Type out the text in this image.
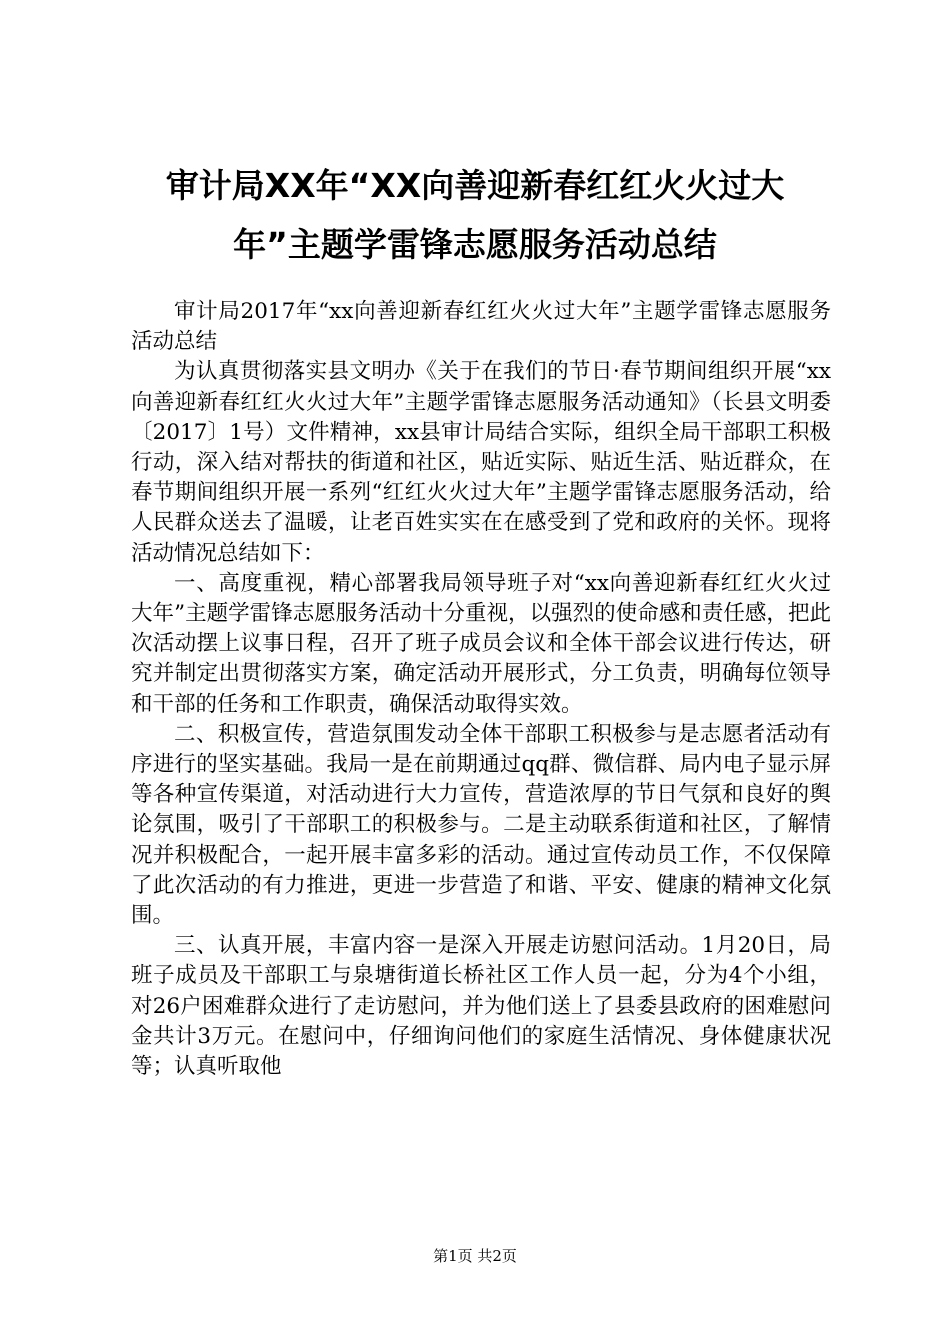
审计局XX年“XX向善迎新春红红火火过大
年”主题学雷锋志愿服务活动总结

审计局2017年“xx向善迎新春红红火火过大年”主题学雷锋志愿服务活动总结

为认真贯彻落实县文明办《关于在我们的节日·春节期间组织开展“xx向善迎新春红红火火过大年”主题学雷锋志愿服务活动通知》（长县文明委〔2017〕1号）文件精神，xx县审计局结合实际，组织全局干部职工积极行动，深入结对帮扶的街道和社区，贴近实际、贴近生活、贴近群众，在春节期间组织开展一系列“红红火火过大年”主题学雷锋志愿服务活动，给人民群众送去了温暖，让老百姓实实在在感受到了党和政府的关怀。现将活动情况总结如下：

一、高度重视，精心部署我局领导班子对“xx向善迎新春红红火火过大年”主题学雷锋志愿服务活动十分重视，以强烈的使命感和责任感，把此次活动摆上议事日程，召开了班子成员会议和全体干部会议进行传达，研究并制定出贯彻落实方案，确定活动开展形式，分工负责，明确每位领导和干部的任务和工作职责，确保活动取得实效。

二、积极宣传，营造氛围发动全体干部职工积极参与是志愿者活动有序进行的坚实基础。我局一是在前期通过qq群、微信群、局内电子显示屏等各种宣传渠道，对活动进行大力宣传，营造浓厚的节日气氛和良好的舆论氛围，吸引了干部职工的积极参与。二是主动联系街道和社区，了解情况并积极配合，一起开展丰富多彩的活动。通过宣传动员工作，不仅保障了此次活动的有力推进，更进一步营造了和谐、平安、健康的精神文化氛围。

三、认真开展，丰富内容一是深入开展走访慰问活动。1月20日，局班子成员及干部职工与泉塘街道长桥社区工作人员一起，分为4个小组，对26户困难群众进行了走访慰问，并为他们送上了县委县政府的困难慰问金共计3万元。在慰问中，仔细询问他们的家庭生活情况、身体健康状况等；认真听取他

第1页 共2页
